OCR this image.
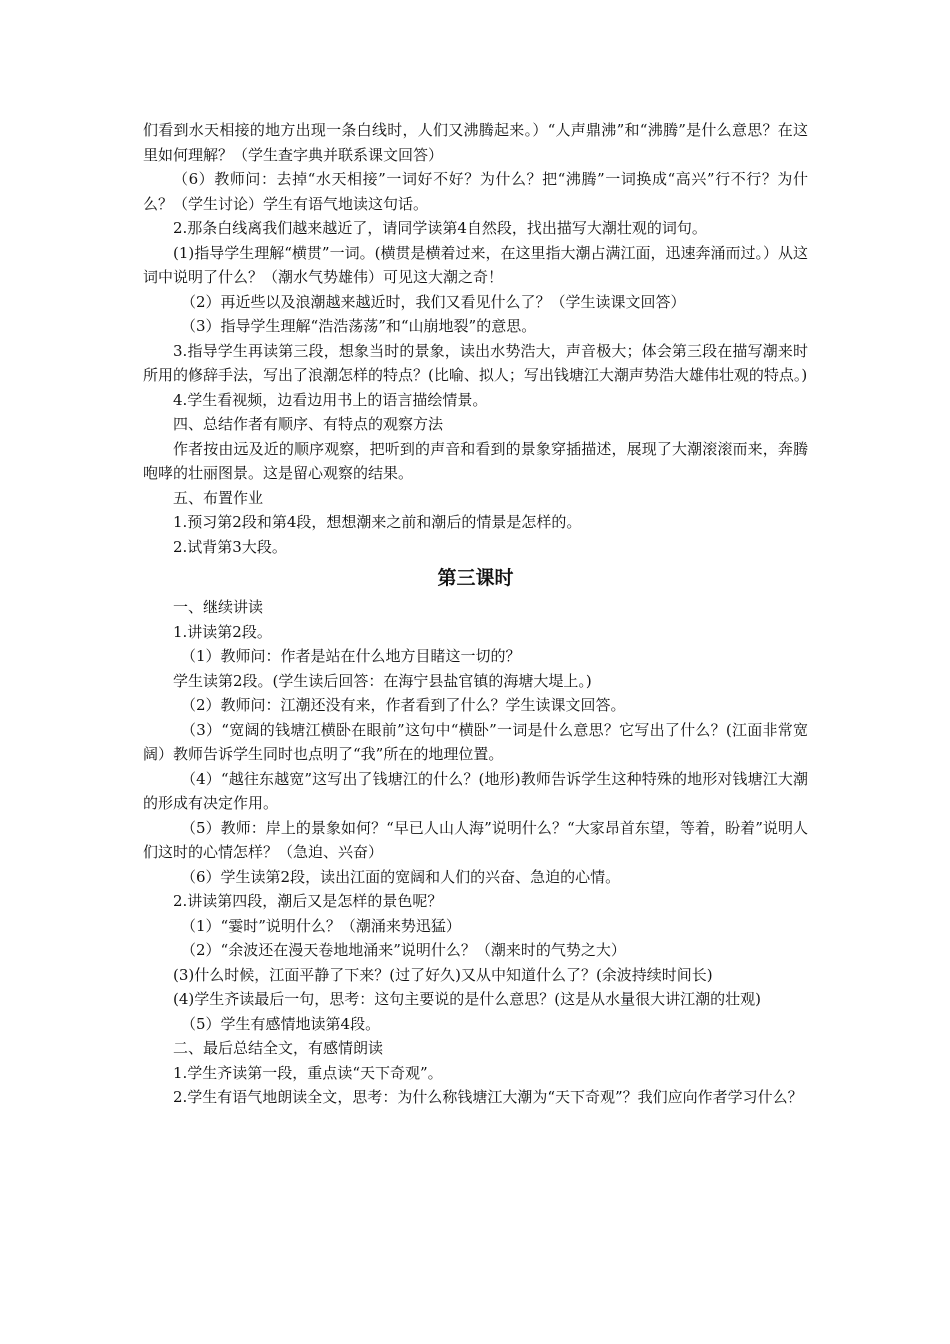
们看到水天相接的地方出现一条白线时，人们又沸腾起来。）“人声鼎沸”和“沸腾”是什么意思？在这里如何理解？（学生查字典并联系课文回答）

（6）教师问：去掉“水天相接”一词好不好？为什么？把“沸腾”一词换成“高兴”行不行？为什么？（学生讨论）学生有语气地读这句话。

2.那条白线离我们越来越近了，请同学读第4自然段，找出描写大潮壮观的词句。

(1)指导学生理解“横贯”一词。(横贯是横着过来，在这里指大潮占满江面，迅速奔涌而过。）从这词中说明了什么？（潮水气势雄伟）可见这大潮之奇！

（2）再近些以及浪潮越来越近时，我们又看见什么了？（学生读课文回答）

（3）指导学生理解“浩浩荡荡”和“山崩地裂”的意思。

3.指导学生再读第三段，想象当时的景象，读出水势浩大，声音极大；体会第三段在描写潮来时所用的修辞手法，写出了浪潮怎样的特点？(比喻、拟人；写出钱塘江大潮声势浩大雄伟壮观的特点。)

4.学生看视频，边看边用书上的语言描绘情景。

四、总结作者有顺序、有特点的观察方法

作者按由远及近的顺序观察，把听到的声音和看到的景象穿插描述，展现了大潮滚滚而来，奔腾咆哮的壮丽图景。这是留心观察的结果。

五、布置作业

1.预习第2段和第4段，想想潮来之前和潮后的情景是怎样的。

2.试背第3大段。

第三课时

一、继续讲读

1.讲读第2段。

（1）教师问：作者是站在什么地方目睹这一切的？

学生读第2段。(学生读后回答：在海宁县盐官镇的海塘大堤上。)

（2）教师问：江潮还没有来，作者看到了什么？学生读课文回答。

（3）“宽阔的钱塘江横卧在眼前”这句中“横卧”一词是什么意思？它写出了什么？(江面非常宽阔）教师告诉学生同时也点明了“我”所在的地理位置。

（4）“越往东越宽”这写出了钱塘江的什么？(地形)教师告诉学生这种特殊的地形对钱塘江大潮的形成有决定作用。

（5）教师：岸上的景象如何？“早已人山人海”说明什么？“大家昂首东望，等着，盼着”说明人们这时的心情怎样？（急迫、兴奋）

（6）学生读第2段，读出江面的宽阔和人们的兴奋、急迫的心情。

2.讲读第四段，潮后又是怎样的景色呢？

（1）“霎时”说明什么？（潮涌来势迅猛）

（2）“余波还在漫天卷地地涌来”说明什么？（潮来时的气势之大）

(3)什么时候，江面平静了下来？(过了好久)又从中知道什么了？(余波持续时间长)

(4)学生齐读最后一句，思考：这句主要说的是什么意思？(这是从水量很大讲江潮的壮观)

（5）学生有感情地读第4段。

二、最后总结全文，有感情朗读

1.学生齐读第一段，重点读“天下奇观”。

2.学生有语气地朗读全文，思考：为什么称钱塘江大潮为“天下奇观”？我们应向作者学习什么？
